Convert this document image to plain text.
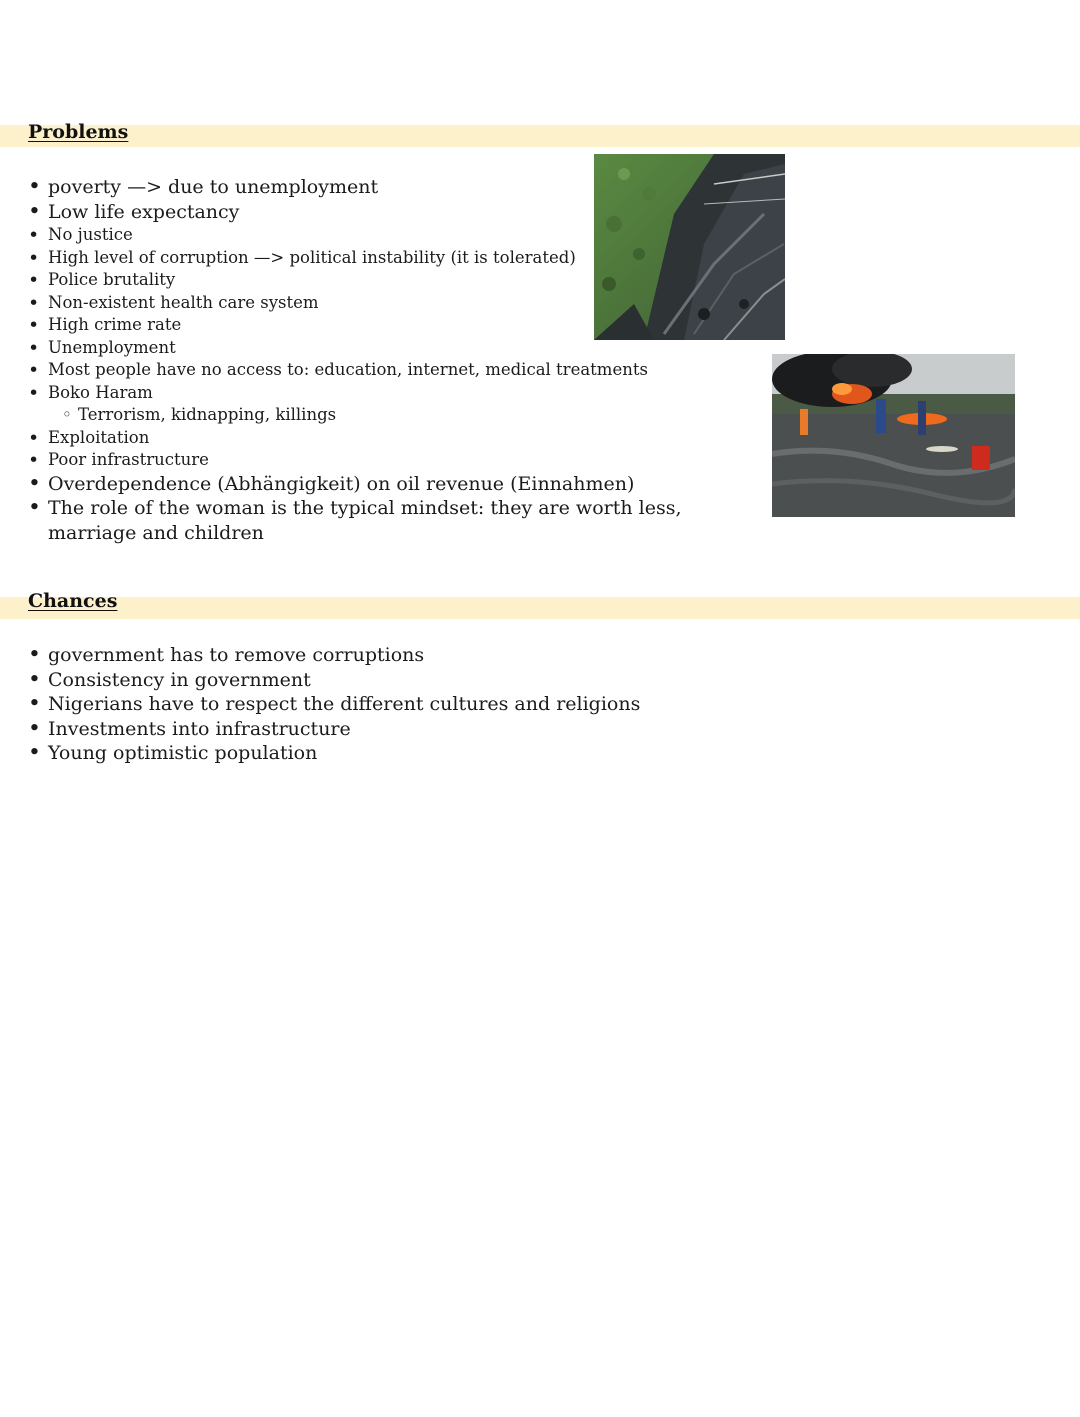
Problems
• poverty —> due to unemployment
• Low life expectancy
• No justice
• High level of corruption —> political instability (it is tolerated)
• Police brutality
• Non-existent health care system
• High crime rate
• Unemployment
• Most people have no access to: education, internet, medical treatments
• Boko Haram
◦ Terrorism, kidnapping, killings
• Exploitation
• Poor infrastructure
• Overdependence (Abhängigkeit) on oil revenue (Einnahmen)
• The role of the woman is the typical mindset: they are worth less, marriage and children
Chances
• government has to remove corruptions
• Consistency in government
• Nigerians have to respect the different cultures and religions
• Investments into infrastructure
• Young optimistic population
